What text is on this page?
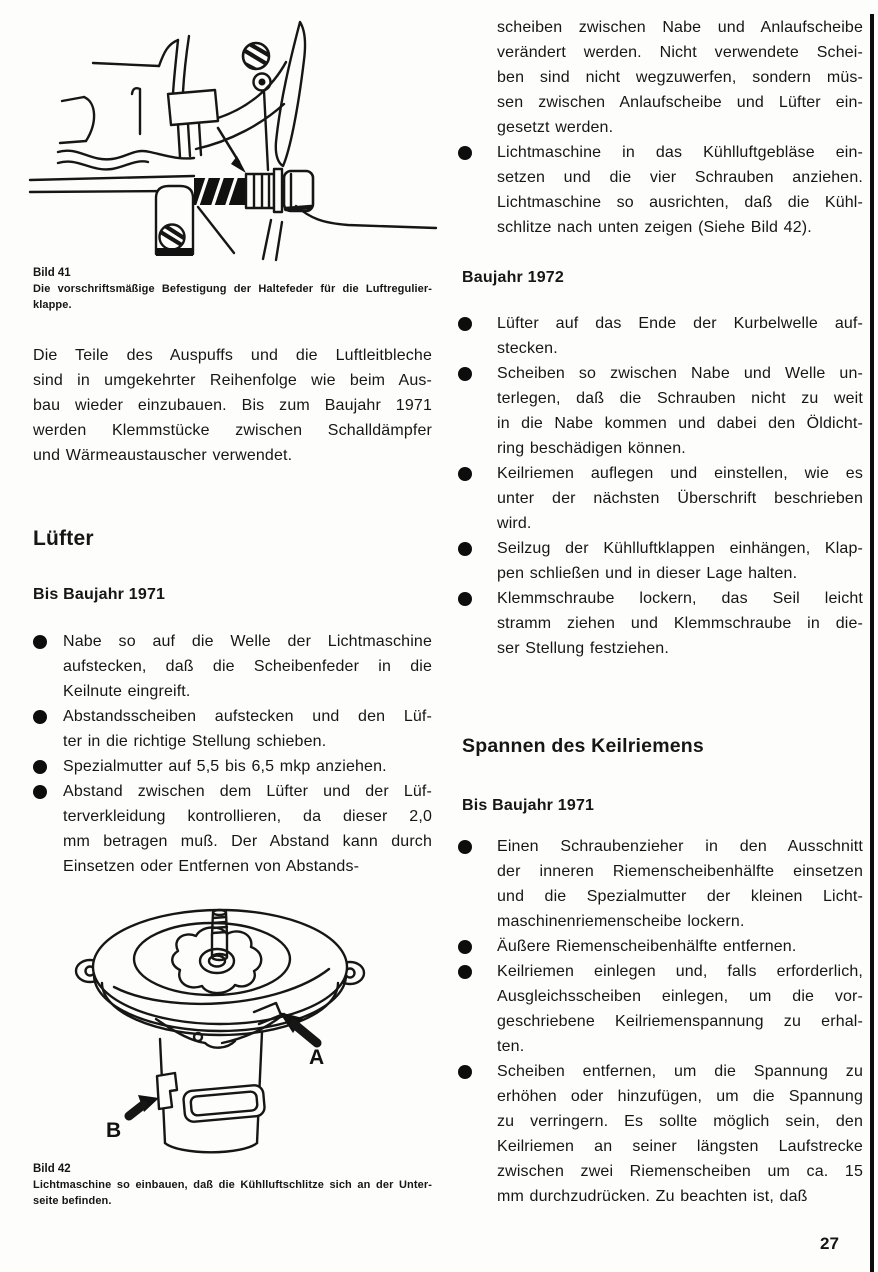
Bild 41
Die vorschriftsmäßige Befestigung der Haltefeder für die Luftregulier-
klappe.
Die Teile des Auspuffs und die Luftleitbleche
sind in umgekehrter Reihenfolge wie beim Aus-
bau wieder einzubauen. Bis zum Baujahr 1971
werden Klemmstücke zwischen Schalldämpfer
und Wärmeaustauscher verwendet.
Lüfter
Bis Baujahr 1971
Nabe so auf die Welle der Lichtmaschine
aufstecken, daß die Scheibenfeder in die
Keilnute eingreift.
Abstandsscheiben aufstecken und den Lüf-
ter in die richtige Stellung schieben.
Spezialmutter auf 5,5 bis 6,5 mkp anziehen.
Abstand zwischen dem Lüfter und der Lüf-
terverkleidung kontrollieren, da dieser 2,0
mm betragen muß. Der Abstand kann durch
Einsetzen oder Entfernen von Abstands-
A
B
Bild 42
Lichtmaschine so einbauen, daß die Kühlluftschlitze sich an der Unter-
seite befinden.
scheiben zwischen Nabe und Anlaufscheibe
verändert werden. Nicht verwendete Schei-
ben sind nicht wegzuwerfen, sondern müs-
sen zwischen Anlaufscheibe und Lüfter ein-
gesetzt werden.
Lichtmaschine in das Kühlluftgebläse ein-
setzen und die vier Schrauben anziehen.
Lichtmaschine so ausrichten, daß die Kühl-
schlitze nach unten zeigen (Siehe Bild 42).
Baujahr 1972
Lüfter auf das Ende der Kurbelwelle auf-
stecken.
Scheiben so zwischen Nabe und Welle un-
terlegen, daß die Schrauben nicht zu weit
in die Nabe kommen und dabei den Öldicht-
ring beschädigen können.
Keilriemen auflegen und einstellen, wie es
unter der nächsten Überschrift beschrieben
wird.
Seilzug der Kühlluftklappen einhängen, Klap-
pen schließen und in dieser Lage halten.
Klemmschraube lockern, das Seil leicht
stramm ziehen und Klemmschraube in die-
ser Stellung festziehen.
Spannen des Keilriemens
Bis Baujahr 1971
Einen Schraubenzieher in den Ausschnitt
der inneren Riemenscheibenhälfte einsetzen
und die Spezialmutter der kleinen Licht-
maschinenriemenscheibe lockern.
Äußere Riemenscheibenhälfte entfernen.
Keilriemen einlegen und, falls erforderlich,
Ausgleichsscheiben einlegen, um die vor-
geschriebene Keilriemenspannung zu erhal-
ten.
Scheiben entfernen, um die Spannung zu
erhöhen oder hinzufügen, um die Spannung
zu verringern. Es sollte möglich sein, den
Keilriemen an seiner längsten Laufstrecke
zwischen zwei Riemenscheiben um ca. 15
mm durchzudrücken. Zu beachten ist, daß
27
